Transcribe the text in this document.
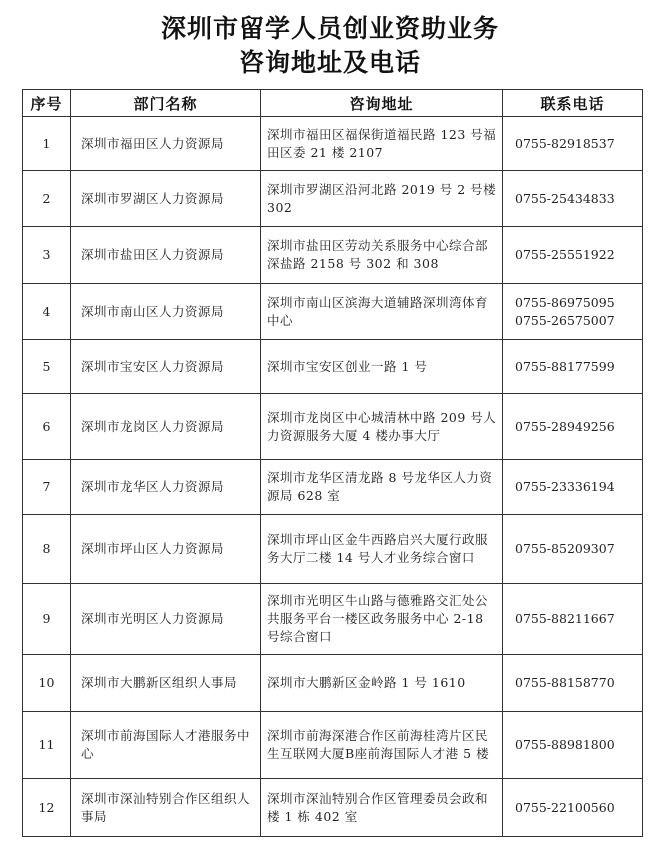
深圳市留学人员创业资助业务
咨询地址及电话
序号	部门名称	咨询地址	联系电话
1	深圳市福田区人力资源局	深圳市福田区福保街道福民路 123 号福田区委 21 楼 2107	0755-82918537

2	深圳市罗湖区人力资源局	深圳市罗湖区沿河北路 2019 号 2 号楼 302	0755-25434833

3	深圳市盐田区人力资源局	深圳市盐田区劳动关系服务中心综合部 深盐路 2158 号 302 和 308	0755-25551922

4	深圳市南山区人力资源局	深圳市南山区滨海大道辅路深圳湾体育中心	0755-86975095
0755-26575007

5	深圳市宝安区人力资源局	深圳市宝安区创业一路 1 号	0755-88177599

6	深圳市龙岗区人力资源局	深圳市龙岗区中心城清林中路 209 号人力资源服务大厦 4 楼办事大厅	0755-28949256

7	深圳市龙华区人力资源局	深圳市龙华区清龙路 8 号龙华区人力资源局 628 室	0755-23336194

8	深圳市坪山区人力资源局	深圳市坪山区金牛西路启兴大厦行政服务大厅二楼 14 号人才业务综合窗口	0755-85209307

9	深圳市光明区人力资源局	深圳市光明区牛山路与德雅路交汇处公共服务平台一楼区政务服务中心 2-18 号综合窗口	0755-88211667

10	深圳市大鹏新区组织人事局	深圳市大鹏新区金岭路 1 号 1610	0755-88158770

11	深圳市前海国际人才港服务中心	深圳市前海深港合作区前海桂湾片区民生互联网大厦B座前海国际人才港 5 楼	0755-88981800

12	深圳市深汕特别合作区组织人事局	深圳市深汕特别合作区管理委员会政和楼 1 栋 402 室	0755-22100560
